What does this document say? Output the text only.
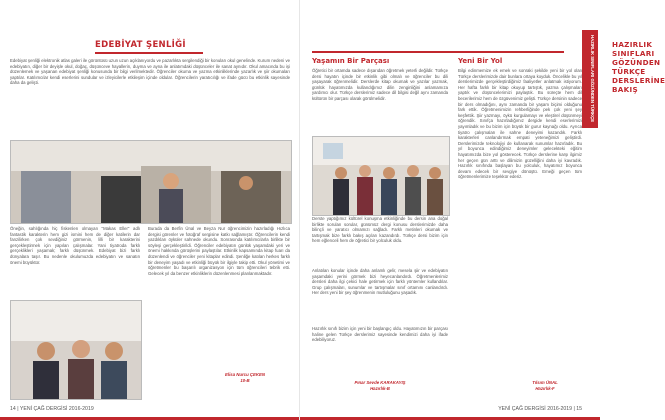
EDEBİYAT ŞENLİĞİ
Edebiyat şenliği elektronik atlas galeri ile görüntüsü uzun uzun açıklanıyordu ve pazarlıkta sergilendiği bir konuları okul genelinde. Kurum nedeni ve edebiyatın, diğer bir deyişle okul, doğaç, düşünceve hayallerin, duyma ve ayna ile anlatımdaki düşünceler ile sanat aynıdır. Okul amacında bu işi düzenlemek ve yaşanan edebiyat şenliği konusunda bir bilgi verilmektedir. Öğrenciler okuma ve yazma etkinliklerinde yazarlık ve şiir okumaları yaptılar. Katılımcılar kendi eserlerini sundular ve izleyicilerle etkileşim içinde oldular. Öğrencilerin yaratıcılığı ve ifade gücü bu etkinlik sayesinde daha da gelişti.
Öneğin, sahlığında hiç fiskenlen olmayan "Makas Eller" adlı fantastik karakterin hem gizi ismini hem de diğer katilerin dar fanzilirken çok sevdiğiniz görmenin, lilli bir karakterini gerçekleştirmek için yapılan çalışmalar. Yani tiyatroda farklı gerçeklikleri yaşamak; farklı düşünmek. Edebiyat bizi farklı dünyalara taşır. Bu nedenle okulumuzda edebiyatın ve sanatın önemi büyüktür.
Burada da Berfin Ünal ve Beyza Nur öğrencimizin hazırladığı Hızlıca dergisi görenler ve fotoğraf sergisine katkı sağlamıştır. Öğrencilerin kendi yazdıkları öyküler sahnede okundu. Sonrasında katılımcılarla birlikte bir söyleşi gerçekleştirildi. Öğrenciler edebiyatın günlük yaşamdaki yeri ve önemi hakkında görüşlerini paylaştılar. Etkinlik kapsamında kitap fuarı da düzenlendi ve öğrenciler yeni kitaplar edindi. Şenliğe katılan herkes farklı bir deneyim yaşadı ve etkinliği büyük bir ilgiyle takip etti. Okul yönetimi ve öğretmenler bu başarılı organizasyon için tüm öğrencileri tebrik etti. Gelecek yıl da benzer etkinliklerin düzenlenmesi planlanmaktadır.
Elisa Nurcu ÇEKEN
10-B
14 | YENİ ÇAĞ DERGİSİ 2016-2019
HAZIRLIK SINIFLARI GÖZÜNDEN TÜRKÇE DERSLERİNE BAKIŞ
Yaşamın Bir Parçası	Yeni Bir Yol
Öğretici bir ortamda sadece dışarıdan öğretmek yeterli değildir. Türkçe dersi hayatın içinde bir etkinlik gibi olmalı ve öğrenciler bu dili yaşayarak öğrenmelidir. Derslerde kitap okumak ve yazılar yazmak, günlük hayatımızda kullandığımız dilin zenginliğini anlamamıza yardımcı olur. Türkçe derslerimiz sadece dil bilgisi değil aynı zamanda kültürün bir parçası olarak görülmelidir.
Derste yaptığımız kültürel konuşma etkinliğinde bu dersin ana doğal birlikte sorulan sorular, günümüz dergi konusu derslerimizde daha bilinçli ve yaratıcı olmamızı sağladı. Farklı metinleri okumak ve tartışmak bize farklı bakış açıları kazandırdı. Türkçe dersi bizim için hem eğlenceli hem de öğretici bir yolculuk oldu.
Anlatılan konular içinde daha anlamlı gelir, mesela şiir ve edebiyatın yaşamdaki yerini görmek bizi heyecanlandırdı. Öğretmenlerimiz dersleri daha ilgi çekici hale getirmek için farklı yöntemler kullandılar. Grup çalışmaları, sunumlar ve tartışmalar sınıf ortamını canlandırdı. Her ders yeni bir şey öğrenmenin mutluluğunu yaşadık.
Hazırlık sınıfı bizim için yeni bir başlangıç oldu. Hayatımızın bir parçası haline gelen Türkçe derslerimiz sayesinde kendimizi daha iyi ifade edebiliyoruz.
Bilgi edinmemize ek emek ve sonraki şekilde yeni bir yol olan Türkçe derslerimizde dair bunlara ortaya koyduk. Öncelikle bu yıl derslerimizde gerçekleştirdiğimiz faaliyetler anlatmak istiyorum. Her hafta farklı bir kitap okuyup tartıştık, yazma çalışmaları yaptık ve düşüncelerimizi paylaştık. Bu süreçte hem dil becerilerimiz hem de özgüvenimiz gelişti. Türkçe dersinin sadece bir ders olmadığını, aynı zamanda bir yaşam biçimi olduğunu fark ettik. Öğretmenimizin rehberliğinde pek çok yeni şey keşfettik. Şiir yazmayı, öykü kurgulamayı ve eleştirel düşünmeyi öğrendik. Sınıfça hazırladığımız dergide kendi eserlerimizi yayımladık ve bu bizim için büyük bir gurur kaynağı oldu. Ayrıca tiyatro çalışmaları ile sahne deneyimi kazandık. Farklı karakterleri canlandırmak empati yeteneğimizi geliştirdi. Derslerimizde teknolojiyi de kullanarak sunumlar hazırladık. Bu yıl boyunca edindiğimiz deneyimler gelecekteki eğitim hayatımızda bize yol gösterecek. Türkçe derslerine karşı ilgimiz her geçen gün arttı ve dilimizin güzelliğini daha iyi kavradık. Hazırlık sınıfında başlayan bu yolculuk, hayatımız boyunca devam edecek bir sevgiye dönüştü. Emeği geçen tüm öğretmenlerimize teşekkür ederiz.
Pınar Sevde KARAKAYIŞ
Hazırlık-B
Tılsım ÜNAL
Hazırlık-F
YENİ ÇAĞ DERGİSİ 2016-2019 | 15
HAZIRLIK SINIFLARI GÖZÜNDEN TÜRKÇE
